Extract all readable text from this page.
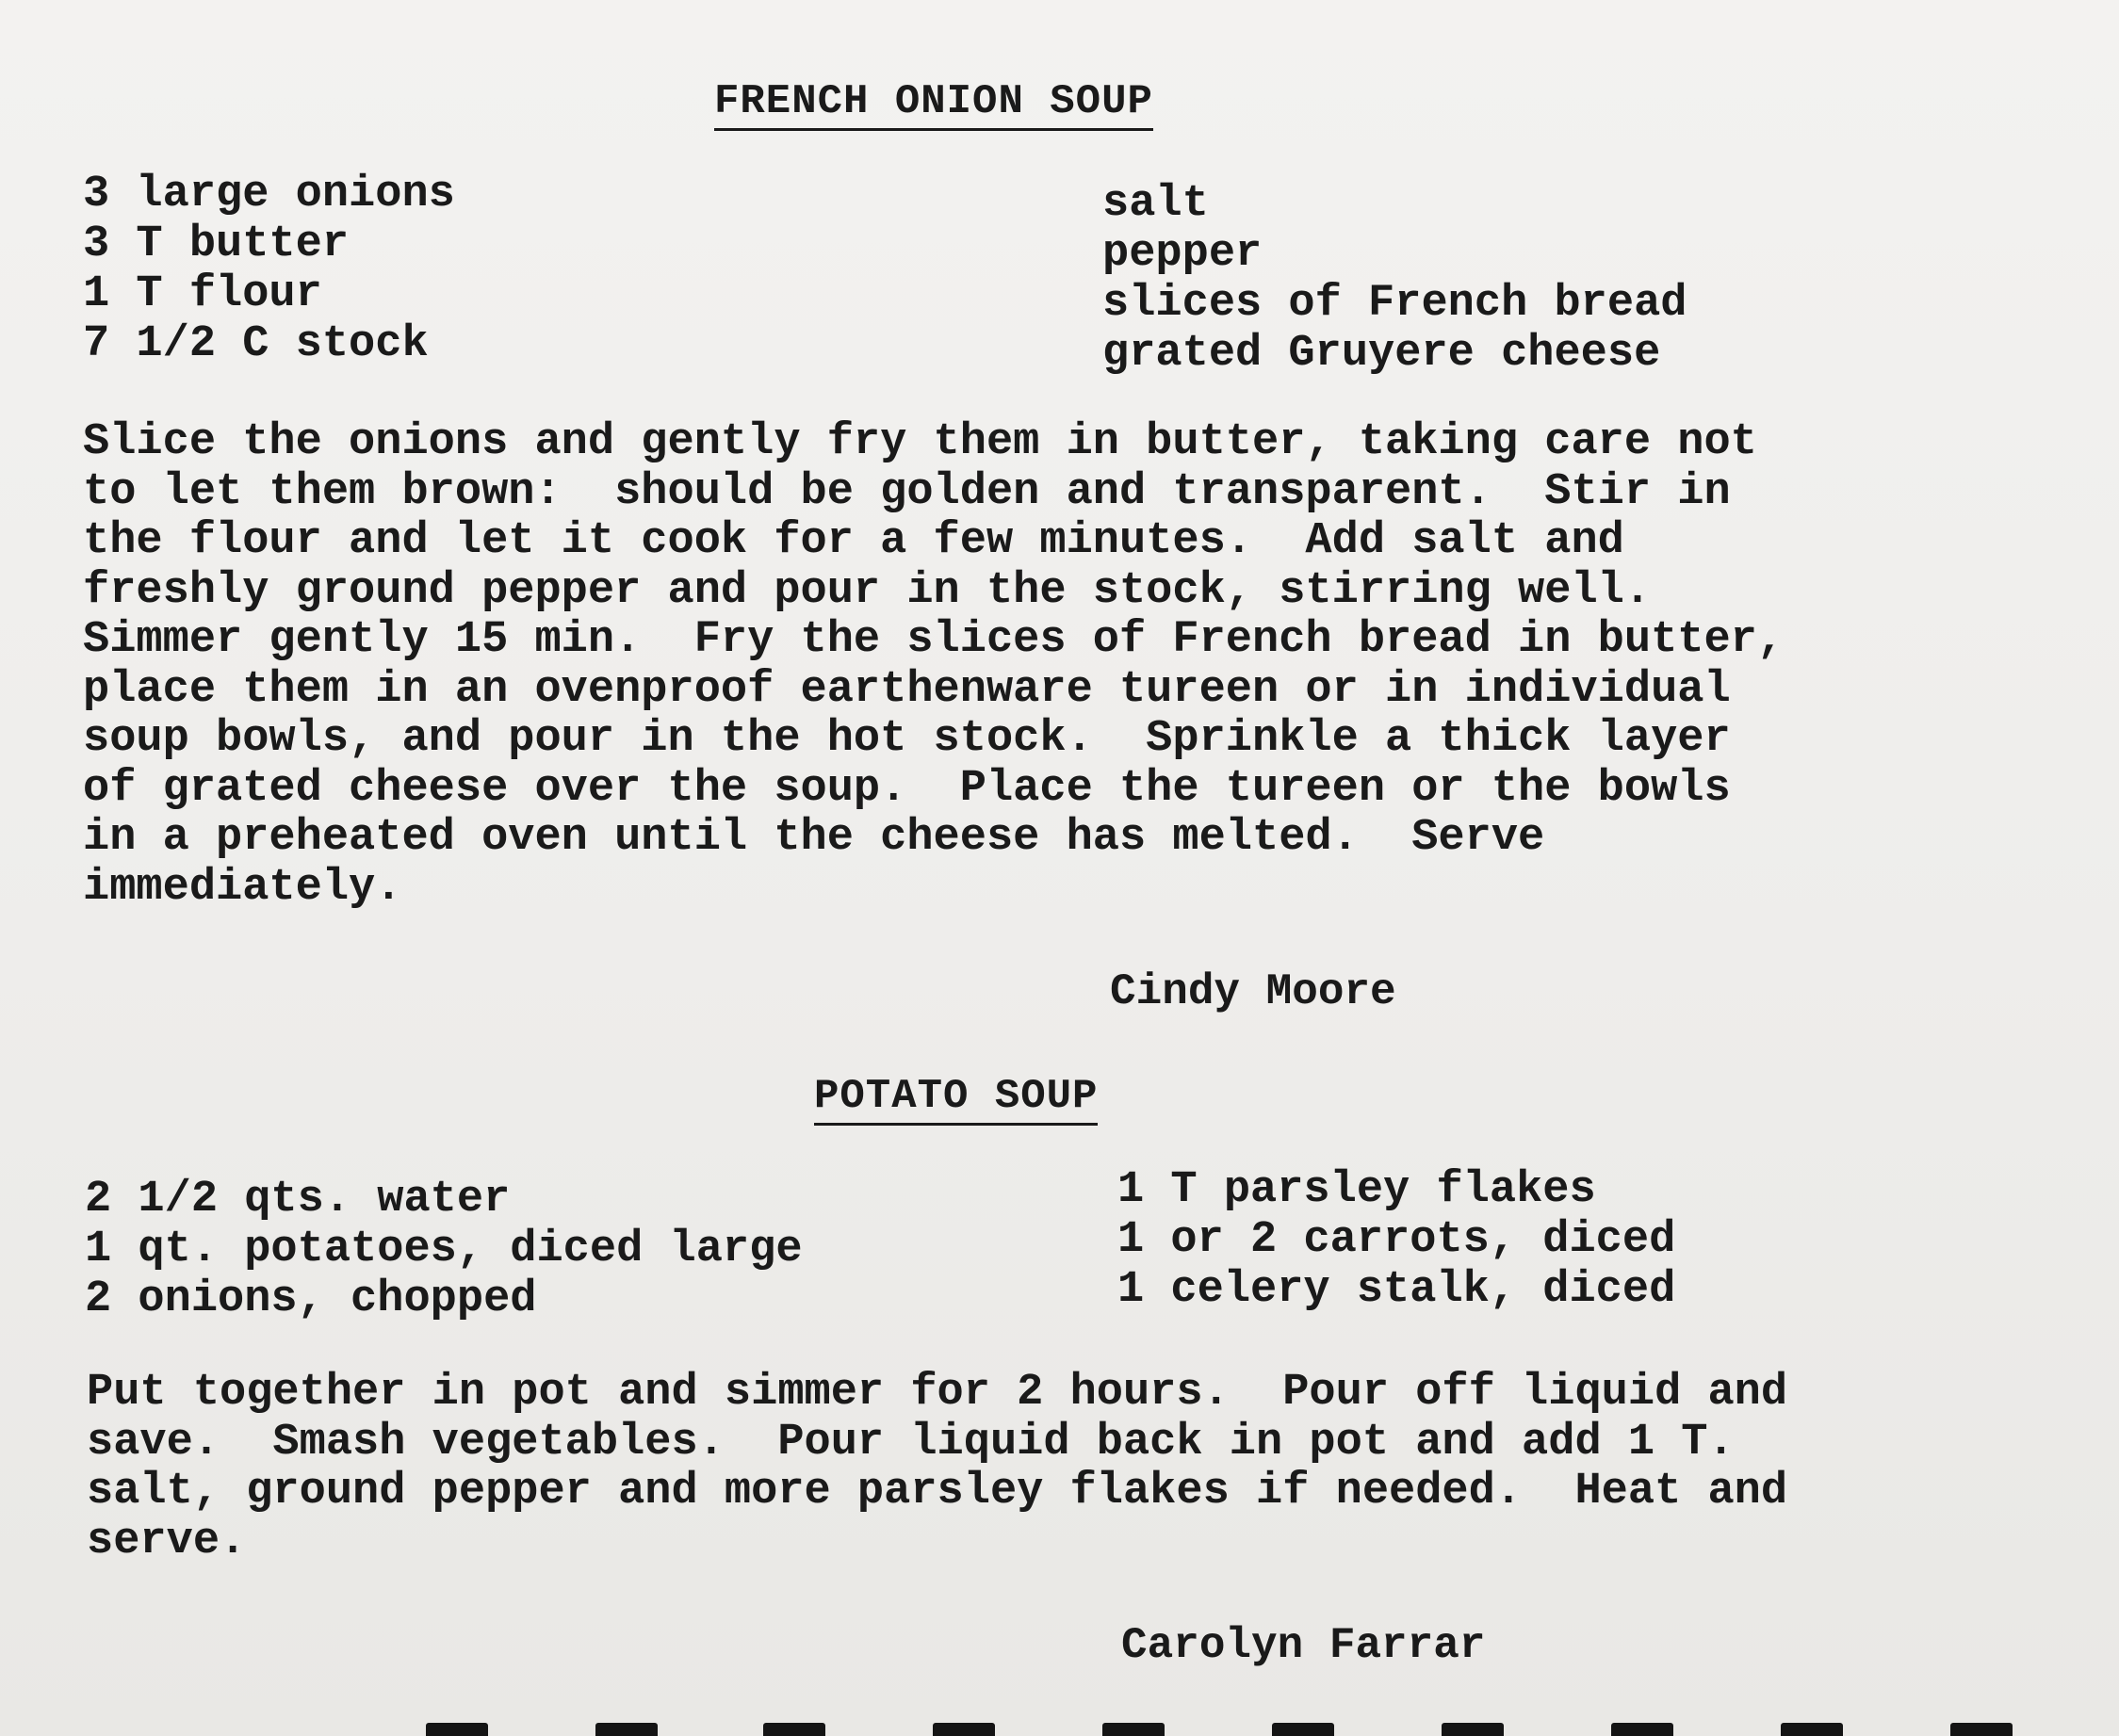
FRENCH ONION SOUP
3 large onions
3 T butter
1 T flour
7 1/2 C stock
salt
pepper
slices of French bread
grated Gruyere cheese
Slice the onions and gently fry them in butter, taking care not
to let them brown:  should be golden and transparent.  Stir in
the flour and let it cook for a few minutes.  Add salt and
freshly ground pepper and pour in the stock, stirring well.
Simmer gently 15 min.  Fry the slices of French bread in butter,
place them in an ovenproof earthenware tureen or in individual
soup bowls, and pour in the hot stock.  Sprinkle a thick layer
of grated cheese over the soup.  Place the tureen or the bowls
in a preheated oven until the cheese has melted.  Serve
immediately.
Cindy Moore
POTATO SOUP
2 1/2 qts. water
1 qt. potatoes, diced large
2 onions, chopped
1 T parsley flakes
1 or 2 carrots, diced
1 celery stalk, diced
Put together in pot and simmer for 2 hours.  Pour off liquid and
save.  Smash vegetables.  Pour liquid back in pot and add 1 T.
salt, ground pepper and more parsley flakes if needed.  Heat and
serve.
Carolyn Farrar
